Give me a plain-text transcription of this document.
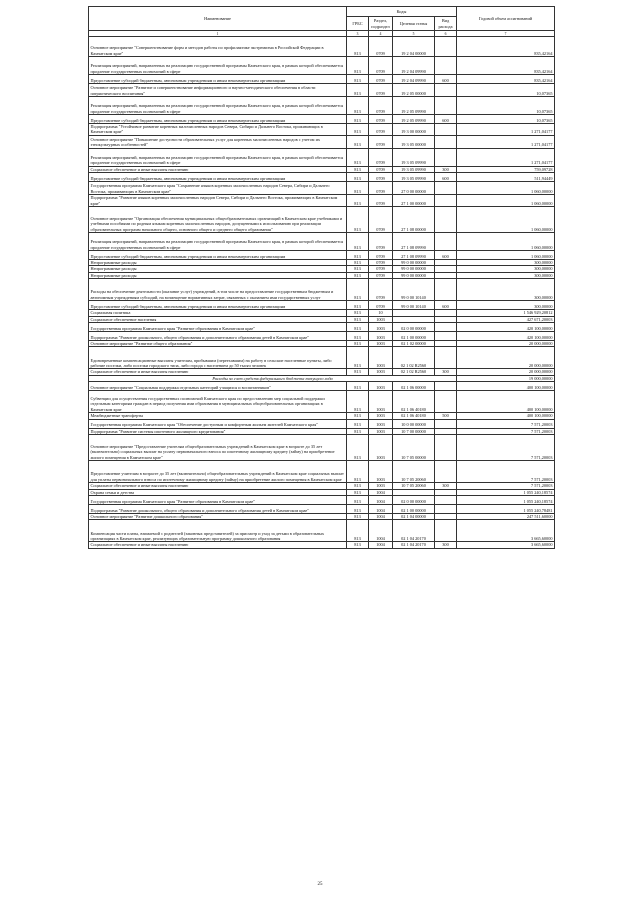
Наименование	Коды				Годовой объем ассигнований
	ГРБС	Раздел, подраздел	Целевая статья	Вид расхода	
1	3	4	5	6	7
Основное мероприятие "Совершенствование форм и методов работы по профилактике экстремизма в Российской Федерации в Камчатском крае"	813	0709	19 2 04 00000		835,42164
Реализация мероприятий, направленных на реализацию государственной программы Камчатского края, в рамках которой обеспечивается продление государственных полномочий в сфере	813	0709	19 2 04 09990		835,42164
Предоставление субсидий бюджетным, автономным учреждениям и иным некоммерческим организациям	813	0709	19 2 04 09990	600	835,42164
Основное мероприятие "Развитие и совершенствование информационного и научно-методического обеспечения в области патриотического воспитания"	813	0709	19 2 05 00000		10,07365
Реализация мероприятий, направленных на реализацию государственной программы Камчатского края, в рамках которой обеспечивается продление государственных полномочий в сфере	813	0709	19 2 05 09990		10,07365
Предоставление субсидий бюджетным, автономным учреждениям и иным некоммерческим организациям	813	0709	19 2 05 09990	600	10,07365
Подпрограмма "Устойчивое развитие коренных малочисленных народов Севера, Сибири и Дальнего Востока, проживающих в Камчатском крае"	813	0709	19 3 00 00000		1 271,04177
Основное мероприятие "Повышение доступности образовательных услуг для коренных малочисленных народов с учетом их этнокультурных особенностей"	813	0709	19 3 05 00000		1 271,04177
Реализация мероприятий, направленных на реализацию государственной программы Камчатского края, в рамках которой обеспечивается продление государственных полномочий в сфере	813	0709	19 3 05 09990		1 271,04177
Социальное обеспечение и иные выплаты населению	813	0709	19 3 05 09990	300	759,09728
Предоставление субсидий бюджетным, автономным учреждениям и иным некоммерческим организациям	813	0709	19 3 05 09990	600	511,94449
Государственная программа Камчатского края "Сохранение языков коренных малочисленных народов Севера, Сибири и Дальнего Востока, проживающих в Камчатском крае"	813	0709	27 0 00 00000		1 060,00000
Подпрограмма "Развитие языков коренных малочисленных народов Севера, Сибири и Дальнего Востока, проживающих в Камчатском крае"	813	0709	27 1 00 00000		1 060,00000
Основное мероприятие "Организация обеспечения муниципальных общеобразовательных организаций в Камчатском крае учебниками и учебными пособиями по родным языкам коренных малочисленных народов, допущенными к использованию при реализации образовательных программ начального общего, основного общего и среднего общего образования"	813	0709	27 1 08 00000		1 060,00000
Реализация мероприятий, направленных на реализацию государственной программы Камчатского края, в рамках которой обеспечивается продление государственных полномочий в сфере	813	0709	27 1 08 09990		1 060,00000
Предоставление субсидий бюджетным, автономным учреждениям и иным некоммерческим организациям	813	0709	27 1 08 09990	600	1 060,00000
Непрограммные расходы	813	0709	99 0 00 00000		300,00000
Непрограммные расходы	813	0709	99 0 00 00000		300,00000
Непрограммные расходы	813	0709	99 0 00 00000		300,00000
Расходы на обеспечение деятельности (оказание услуг) учреждений, в том числе на предоставление государственным бюджетным и автономным учреждениям субсидий, на возмещение нормативных затрат, связанных с оказанием ими государственных услуг	813	0709	99 0 00 10140		300,00000
Предоставление субсидий бюджетным, автономным учреждениям и иным некоммерческим организациям	813	0709	99 0 00 10140	600	300,00000
Социальная политика	813	10			1 546 929,20812
Социальное обеспечение населения	813	1003			427 671,20003
Государственная программа Камчатского края "Развитие образования в Камчатском крае"	813	1003	02 0 00 00000		420 100,00000
Подпрограмма "Развитие дошкольного, общего образования и дополнительного образования детей в Камчатском крае"	813	1003	02 1 00 00000		420 100,00000
Основное мероприятие "Развитие общего образования"	813	1003	02 1 02 00000		20 000,00000
Единовременные компенсационные выплаты учителям, прибывшим (переехавшим) на работу в сельские населенные пункты, либо рабочие поселки, либо поселки городского типа, либо города с населением до 50 тысяч человек	813	1003	02 1 02 R2560		20 000,00000
Социальное обеспечение и иные выплаты населению	813	1003	02 1 02 R2560	300	20 000,00000
Расходы за счет средств федерального бюджета текущего года					19 000,00000
Основное мероприятие "Социальная поддержка отдельных категорий учащихся и воспитанников"	813	1003	02 1 06 00000		400 100,00000
Субвенции для осуществления государственных полномочий Камчатского края по предоставлению мер социальной поддержки отдельным категориям граждан в период получения ими образования в муниципальных общеобразовательных организациях в Камчатском крае	813	1003	02 1 06 40180		400 100,00000
Межбюджетные трансферты	813	1003	02 1 06 40180	500	400 100,00000
Государственная программа Камчатского края "Обеспечение доступным и комфортным жильем жителей Камчатского края"	813	1003	10 0 00 00000		7 571,20003
Подпрограмма "Развитие системы ипотечного жилищного кредитования"	813	1003	10 7 00 00000		7 571,20003
Основное мероприятие "Предоставление учителям общеобразовательных учреждений в Камчатском крае в возрасте до 35 лет (включительно) социальных выплат на уплату первоначального взноса по ипотечному жилищному кредиту (займу) на приобретение жилого помещения в Камчатском крае"	813	1003	10 7 05 00000		7 571,20003
Предоставление учителям в возрасте до 35 лет (включительно) общеобразовательных учреждений в Камчатском крае социальных выплат для уплаты первоначального взноса по ипотечному жилищному кредиту (займу) на приобретение жилого помещения в Камчатском крае	813	1003	10 7 05 20060		7 571,20003
Социальное обеспечение и иные выплаты населению	813	1003	10 7 05 20060	300	7 571,20003
Охрана семьи и детства	813	1004			1 055 240,18574
Государственная программа Камчатского края "Развитие образования в Камчатском крае"	813	1004	02 0 00 00000		1 055 240,18574
Подпрограмма "Развитие дошкольного, общего образования и дополнительного образования детей в Камчатском крае"	813	1004	02 1 00 00000		1 055 240,78481
Основное мероприятие "Развитие дошкольного образования"	813	1004	02 1 04 00000		247 511,60000
Компенсация части платы, взимаемой с родителей (законных представителей) за присмотр и уход за детьми в образовательных организациях в Камчатском крае, реализующих образовательную программу дошкольного образования	813	1004	02 1 04 20170		3 665,60000
Социальное обеспечение и иные выплаты населению	813	1004	02 1 04 20170	300	3 665,60000
25
